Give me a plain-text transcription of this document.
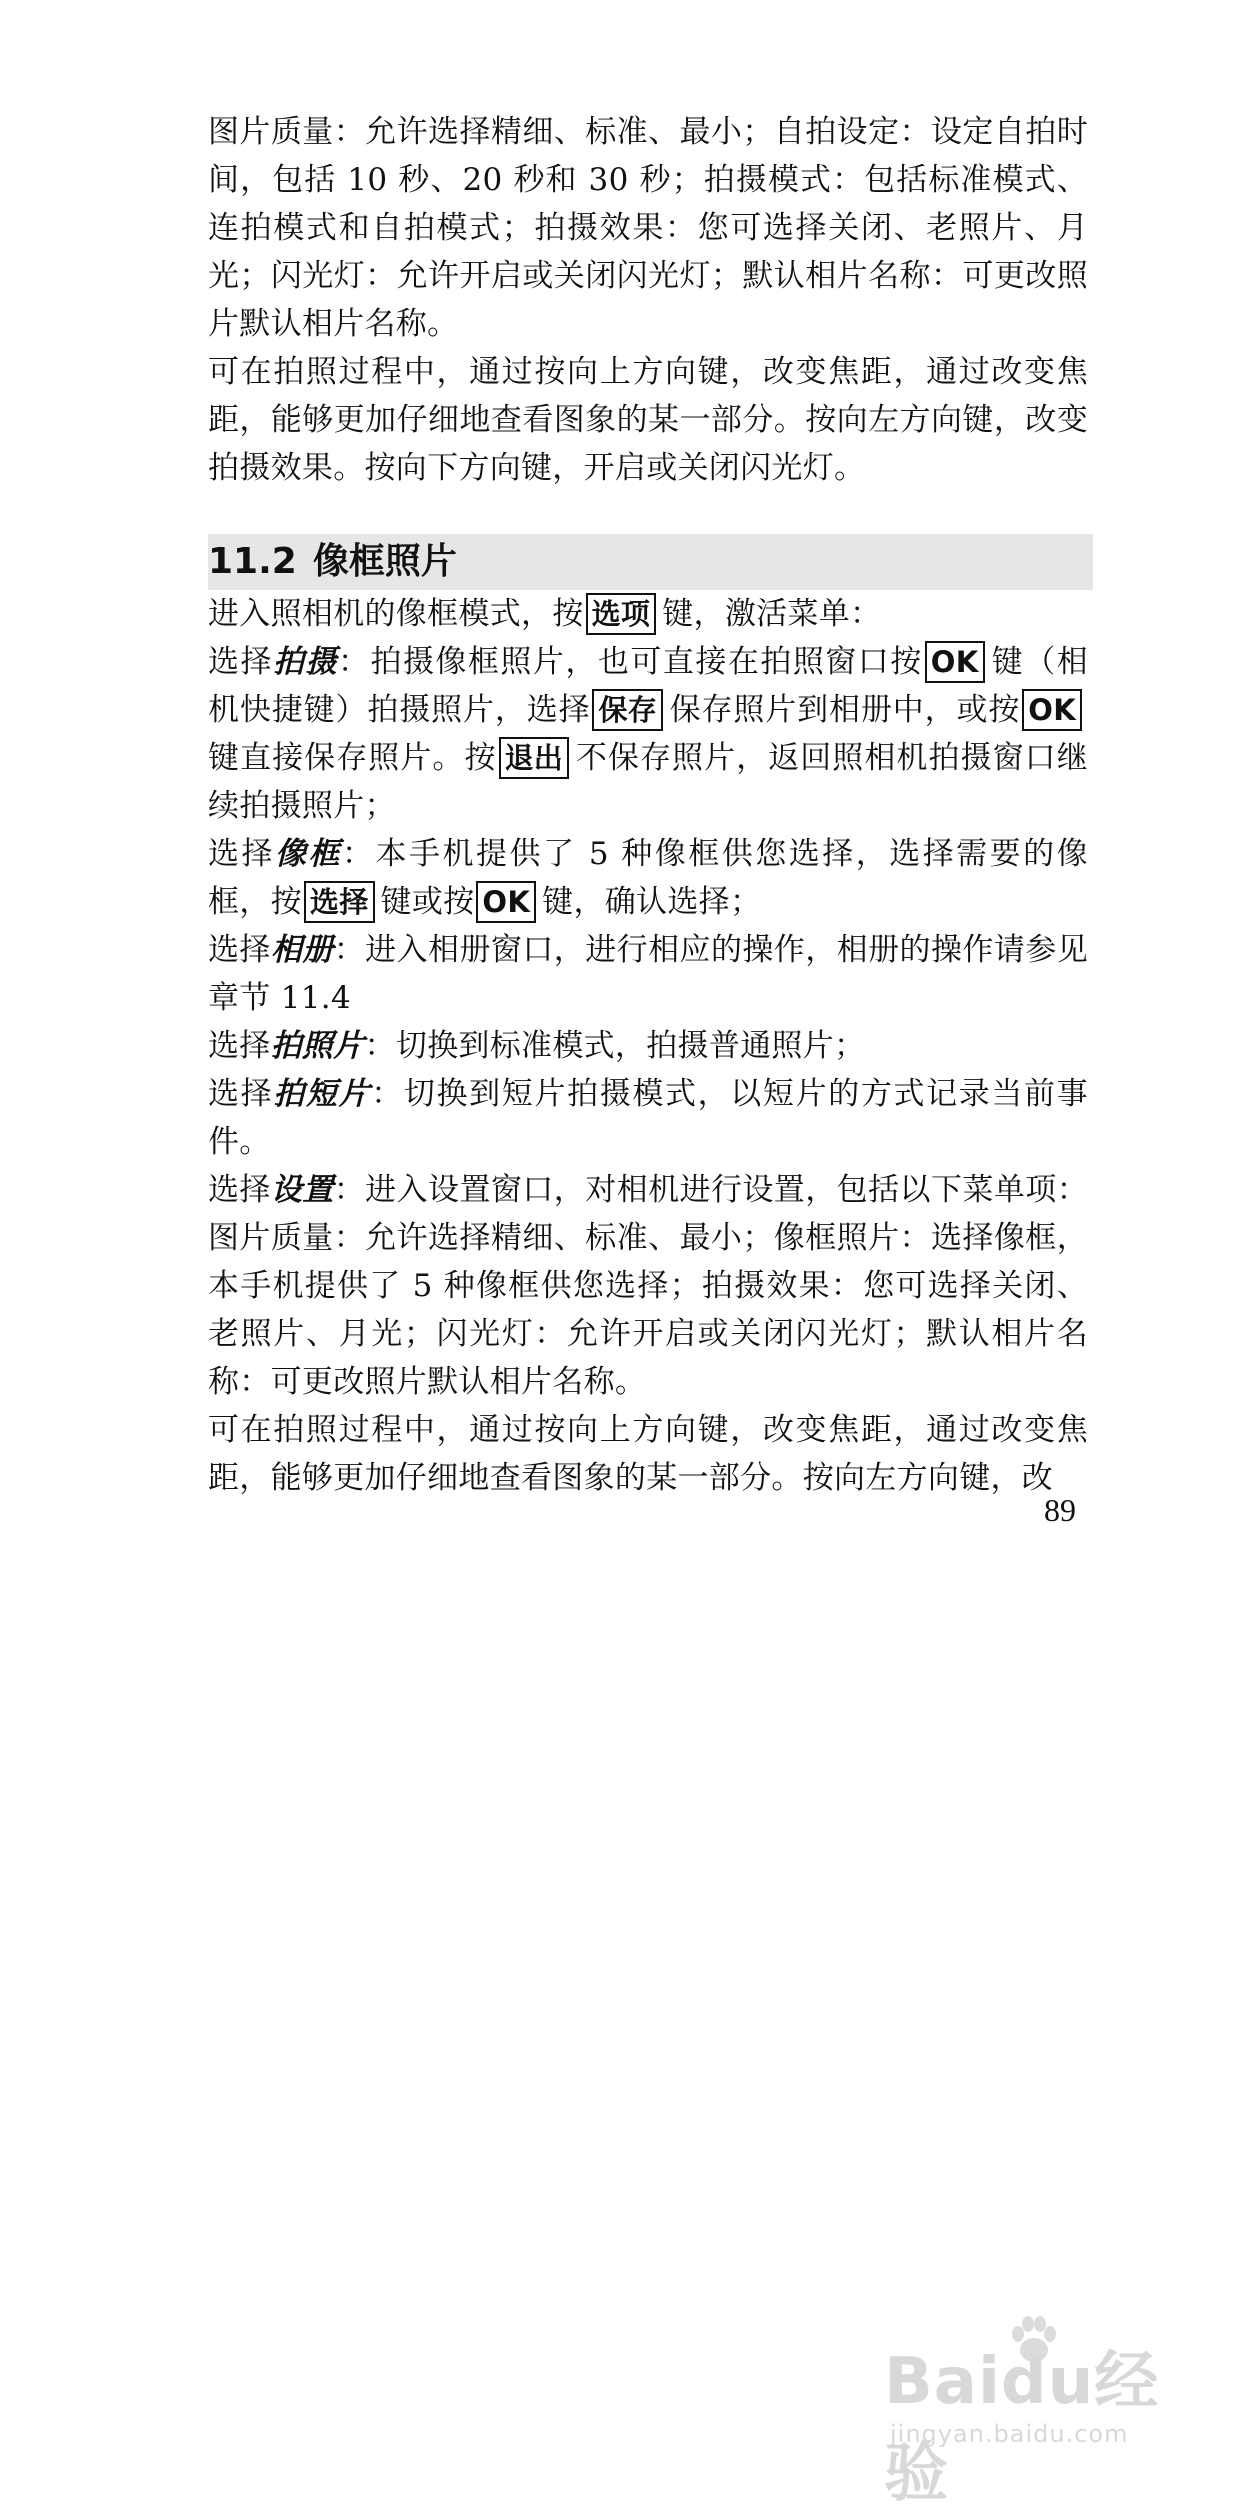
图片质量：允许选择精细、标准、最小；自拍设定：设定自拍时间，包括 10 秒、20 秒和 30 秒；拍摄模式：包括标准模式、连拍模式和自拍模式；拍摄效果：您可选择关闭、老照片、月光；闪光灯：允许开启或关闭闪光灯；默认相片名称：可更改照片默认相片名称。

可在拍照过程中，通过按向上方向键，改变焦距，通过改变焦距，能够更加仔细地查看图象的某一部分。按向左方向键，改变拍摄效果。按向下方向键，开启或关闭闪光灯。

11.2 像框照片

进入照相机的像框模式，按 选项 键，激活菜单：

选择拍摄：拍摄像框照片，也可直接在拍照窗口按 OK 键（相机快捷键）拍摄照片，选择 保存 保存照片到相册中，或按 OK键直接保存照片。按 退出 不保存照片，返回照相机拍摄窗口继续拍摄照片；

选择像框：本手机提供了 5 种像框供您选择，选择需要的像框，按 选择 键或按 OK 键，确认选择；

选择相册：进入相册窗口，进行相应的操作，相册的操作请参见章节 11.4

选择拍照片：切换到标准模式，拍摄普通照片；

选择拍短片：切换到短片拍摄模式，以短片的方式记录当前事件。

选择设置：进入设置窗口，对相机进行设置，包括以下菜单项：图片质量：允许选择精细、标准、最小；像框照片：选择像框，本手机提供了 5 种像框供您选择；拍摄效果：您可选择关闭、老照片、月光；闪光灯：允许开启或关闭闪光灯；默认相片名称：可更改照片默认相片名称。

可在拍照过程中，通过按向上方向键，改变焦距，通过改变焦距，能够更加仔细地查看图象的某一部分。按向左方向键，改

89
Baidu经验
jingyan.baidu.com
